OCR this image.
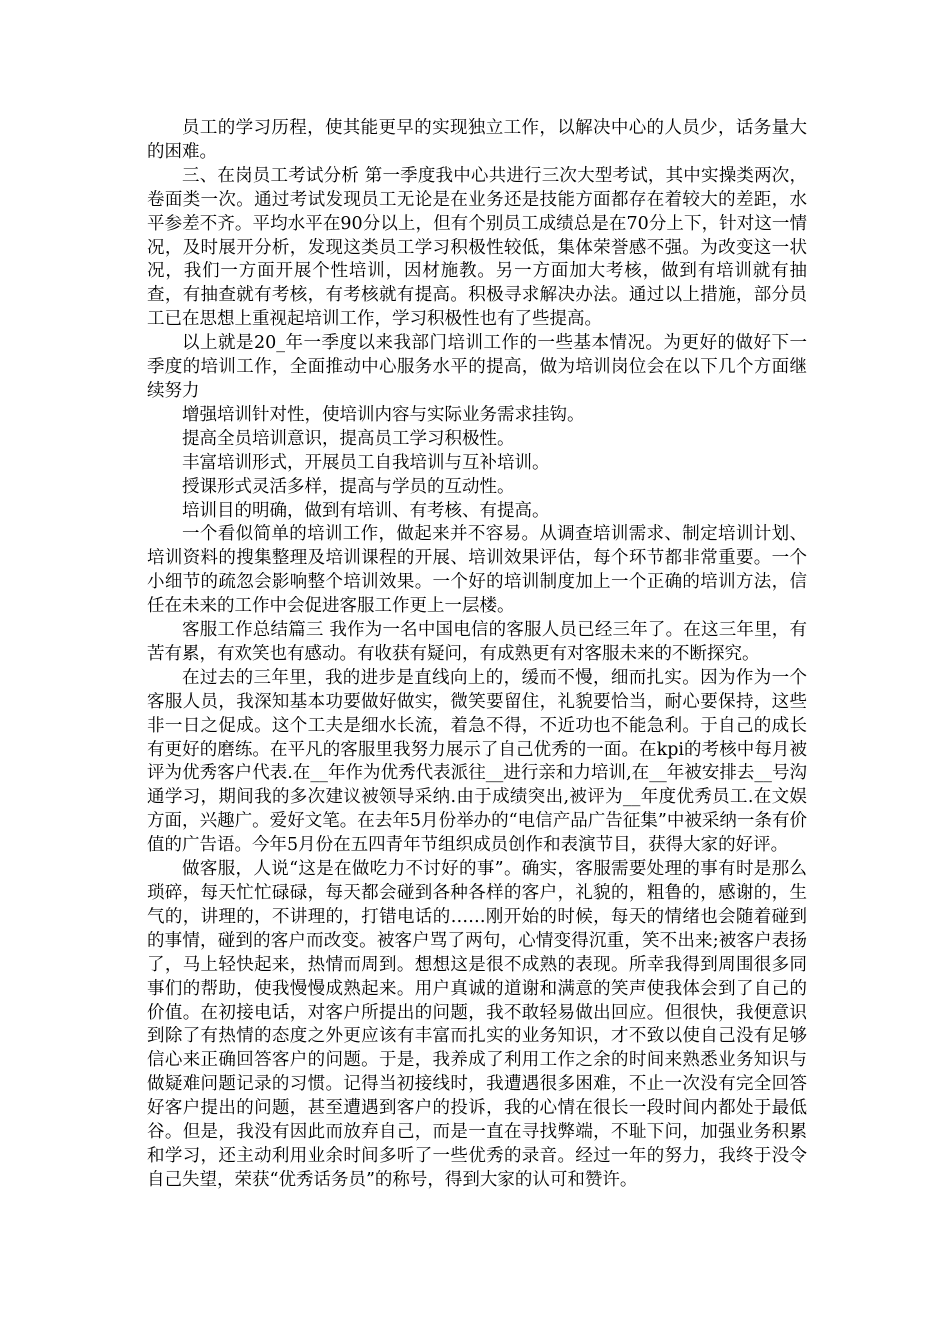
员工的学习历程，使其能更早的实现独立工作，以解决中心的人员少，话务量大的困难。

三、在岗员工考试分析 第一季度我中心共进行三次大型考试，其中实操类两次，卷面类一次。通过考试发现员工无论是在业务还是技能方面都存在着较大的差距，水平参差不齐。平均水平在90分以上，但有个别员工成绩总是在70分上下，针对这一情况，及时展开分析，发现这类员工学习积极性较低，集体荣誉感不强。为改变这一状况，我们一方面开展个性培训，因材施教。另一方面加大考核，做到有培训就有抽查，有抽查就有考核，有考核就有提高。积极寻求解决办法。通过以上措施，部分员工已在思想上重视起培训工作，学习积极性也有了些提高。

以上就是20_年一季度以来我部门培训工作的一些基本情况。为更好的做好下一季度的培训工作，全面推动中心服务水平的提高，做为培训岗位会在以下几个方面继续努力

增强培训针对性，使培训内容与实际业务需求挂钩。

提高全员培训意识，提高员工学习积极性。

丰富培训形式，开展员工自我培训与互补培训。

授课形式灵活多样，提高与学员的互动性。

培训目的明确，做到有培训、有考核、有提高。

一个看似简单的培训工作，做起来并不容易。从调查培训需求、制定培训计划、培训资料的搜集整理及培训课程的开展、培训效果评估，每个环节都非常重要。一个小细节的疏忽会影响整个培训效果。一个好的培训制度加上一个正确的培训方法，信任在未来的工作中会促进客服工作更上一层楼。

客服工作总结篇三 我作为一名中国电信的客服人员已经三年了。在这三年里，有苦有累，有欢笑也有感动。有收获有疑问，有成熟更有对客服未来的不断探究。

在过去的三年里，我的进步是直线向上的，缓而不慢，细而扎实。因为作为一个客服人员，我深知基本功要做好做实，微笑要留住，礼貌要恰当，耐心要保持，这些非一日之促成。这个工夫是细水长流，着急不得，不近功也不能急利。于自己的成长有更好的磨练。在平凡的客服里我努力展示了自己优秀的一面。在kpi的考核中每月被评为优秀客户代表.在__年作为优秀代表派往__进行亲和力培训,在__年被安排去__号沟通学习，期间我的多次建议被领导采纳.由于成绩突出,被评为__年度优秀员工.在文娱方面，兴趣广。爱好文笔。在去年5月份举办的“电信产品广告征集”中被采纳一条有价值的广告语。今年5月份在五四青年节组织成员创作和表演节目，获得大家的好评。

做客服，人说“这是在做吃力不讨好的事”。确实，客服需要处理的事有时是那么琐碎，每天忙忙碌碌，每天都会碰到各种各样的客户，礼貌的，粗鲁的，感谢的，生气的，讲理的，不讲理的，打错电话的……刚开始的时候，每天的情绪也会随着碰到的事情，碰到的客户而改变。被客户骂了两句，心情变得沉重，笑不出来;被客户表扬了，马上轻快起来，热情而周到。想想这是很不成熟的表现。所幸我得到周围很多同事们的帮助，使我慢慢成熟起来。用户真诚的道谢和满意的笑声使我体会到了自己的价值。在初接电话，对客户所提出的问题，我不敢轻易做出回应。但很快，我便意识到除了有热情的态度之外更应该有丰富而扎实的业务知识，才不致以使自己没有足够信心来正确回答客户的问题。于是，我养成了利用工作之余的时间来熟悉业务知识与做疑难问题记录的习惯。记得当初接线时，我遭遇很多困难，不止一次没有完全回答好客户提出的问题，甚至遭遇到客户的投诉，我的心情在很长一段时间内都处于最低谷。但是，我没有因此而放弃自己，而是一直在寻找弊端，不耻下问，加强业务积累和学习，还主动利用业余时间多听了一些优秀的录音。经过一年的努力，我终于没令自己失望，荣获“优秀话务员”的称号，得到大家的认可和赞许。
